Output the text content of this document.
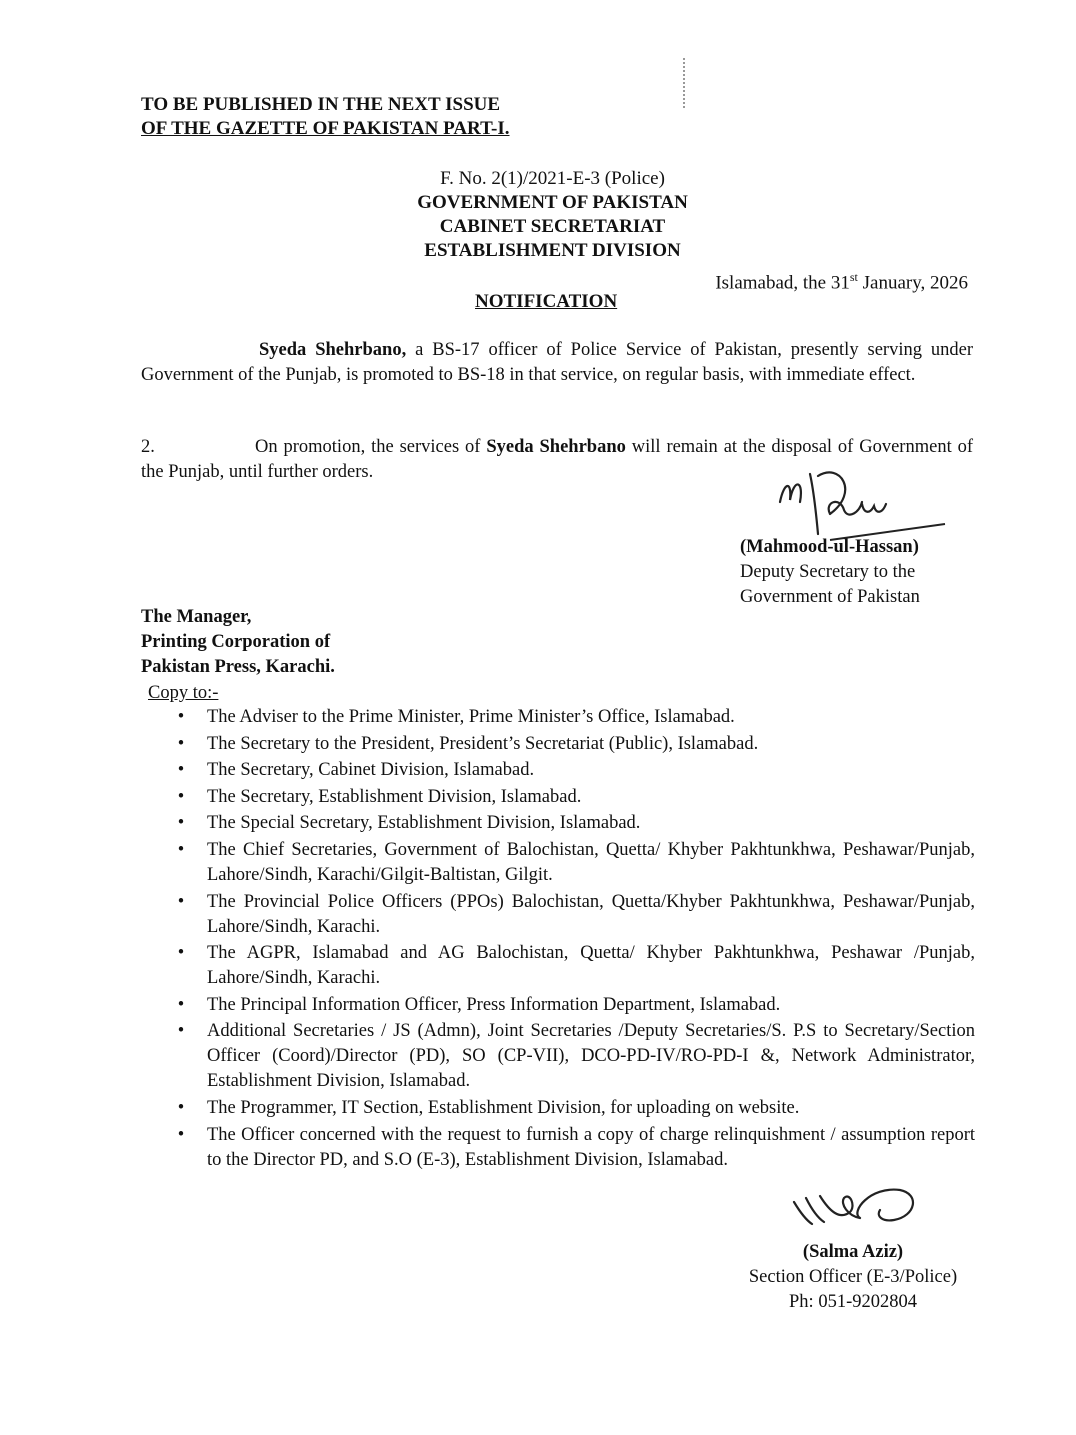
TO BE PUBLISHED IN THE NEXT ISSUE
OF THE GAZETTE OF PAKISTAN PART-I.
F. No. 2(1)/2021-E-3 (Police)
GOVERNMENT OF PAKISTAN
CABINET SECRETARIAT
ESTABLISHMENT DIVISION
Islamabad, the 31st January, 2026
NOTIFICATION

Syeda Shehrbano, a BS-17 officer of Police Service of Pakistan, presently serving under Government of the Punjab, is promoted to BS-18 in that service, on regular basis, with immediate effect.

2.	On promotion, the services of Syeda Shehrbano will remain at the disposal of Government of the Punjab, until further orders.

(Mahmood-ul-Hassan)
Deputy Secretary to the
Government of Pakistan
The Manager,
Printing Corporation of
Pakistan Press, Karachi.
Copy to:-
• The Adviser to the Prime Minister, Prime Minister’s Office, Islamabad.
• The Secretary to the President, President’s Secretariat (Public), Islamabad.
• The Secretary, Cabinet Division, Islamabad.
• The Secretary, Establishment Division, Islamabad.
• The Special Secretary, Establishment Division, Islamabad.
• The Chief Secretaries, Government of Balochistan, Quetta/ Khyber Pakhtunkhwa, Peshawar/Punjab, Lahore/Sindh, Karachi/Gilgit-Baltistan, Gilgit.
• The Provincial Police Officers (PPOs) Balochistan, Quetta/Khyber Pakhtunkhwa, Peshawar/Punjab, Lahore/Sindh, Karachi.
• The AGPR, Islamabad and AG Balochistan, Quetta/ Khyber Pakhtunkhwa, Peshawar /Punjab, Lahore/Sindh, Karachi.
• The Principal Information Officer, Press Information Department, Islamabad.
• Additional Secretaries / JS (Admn), Joint Secretaries /Deputy Secretaries/S. P.S to Secretary/Section Officer (Coord)/Director (PD), SO (CP-VII), DCO-PD-IV/RO-PD-I &, Network Administrator, Establishment Division, Islamabad.
• The Programmer, IT Section, Establishment Division, for uploading on website.
• The Officer concerned with the request to furnish a copy of charge relinquishment / assumption report to the Director PD, and S.O (E-3), Establishment Division, Islamabad.
(Salma Aziz)
Section Officer (E-3/Police)
Ph: 051-9202804
